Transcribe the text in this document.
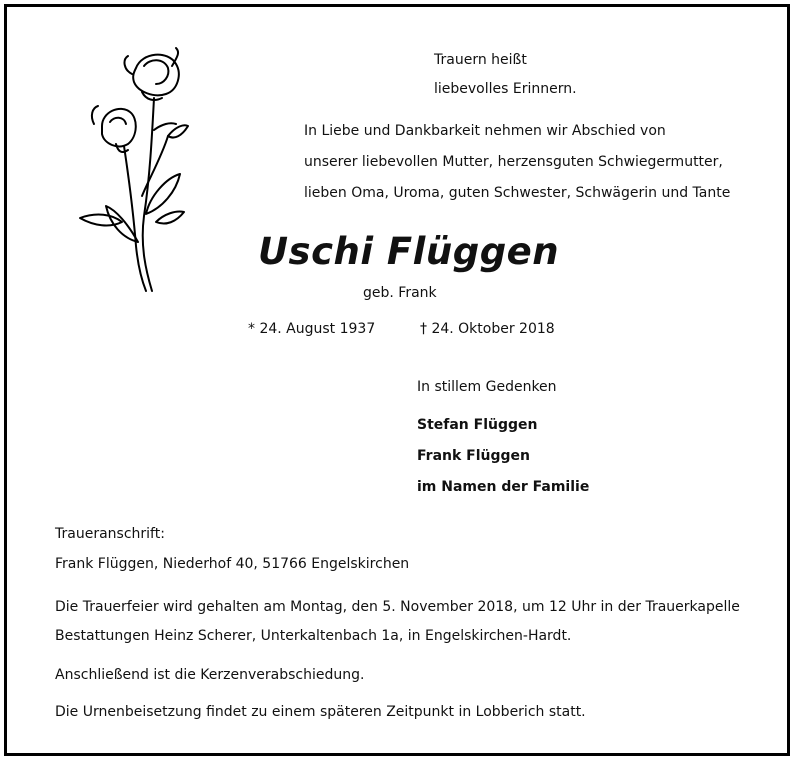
Trauern heißt
liebevolles Erinnern.
In Liebe und Dankbarkeit nehmen wir Abschied von
unserer liebevollen Mutter, herzensguten Schwiegermutter,
lieben Oma, Uroma, guten Schwester, Schwägerin und Tante
Uschi Flüggen
geb. Frank
* 24. August 1937	† 24. Oktober 2018
In stillem Gedenken
Stefan Flüggen
Frank Flüggen
im Namen der Familie
Traueranschrift:
Frank Flüggen, Niederhof 40, 51766 Engelskirchen
Die Trauerfeier wird gehalten am Montag, den 5. November 2018, um 12 Uhr in der Trauerkapelle
Bestattungen Heinz Scherer, Unterkaltenbach 1a, in Engelskirchen-Hardt.
Anschließend ist die Kerzenverabschiedung.
Die Urnenbeisetzung findet zu einem späteren Zeitpunkt in Lobberich statt.
